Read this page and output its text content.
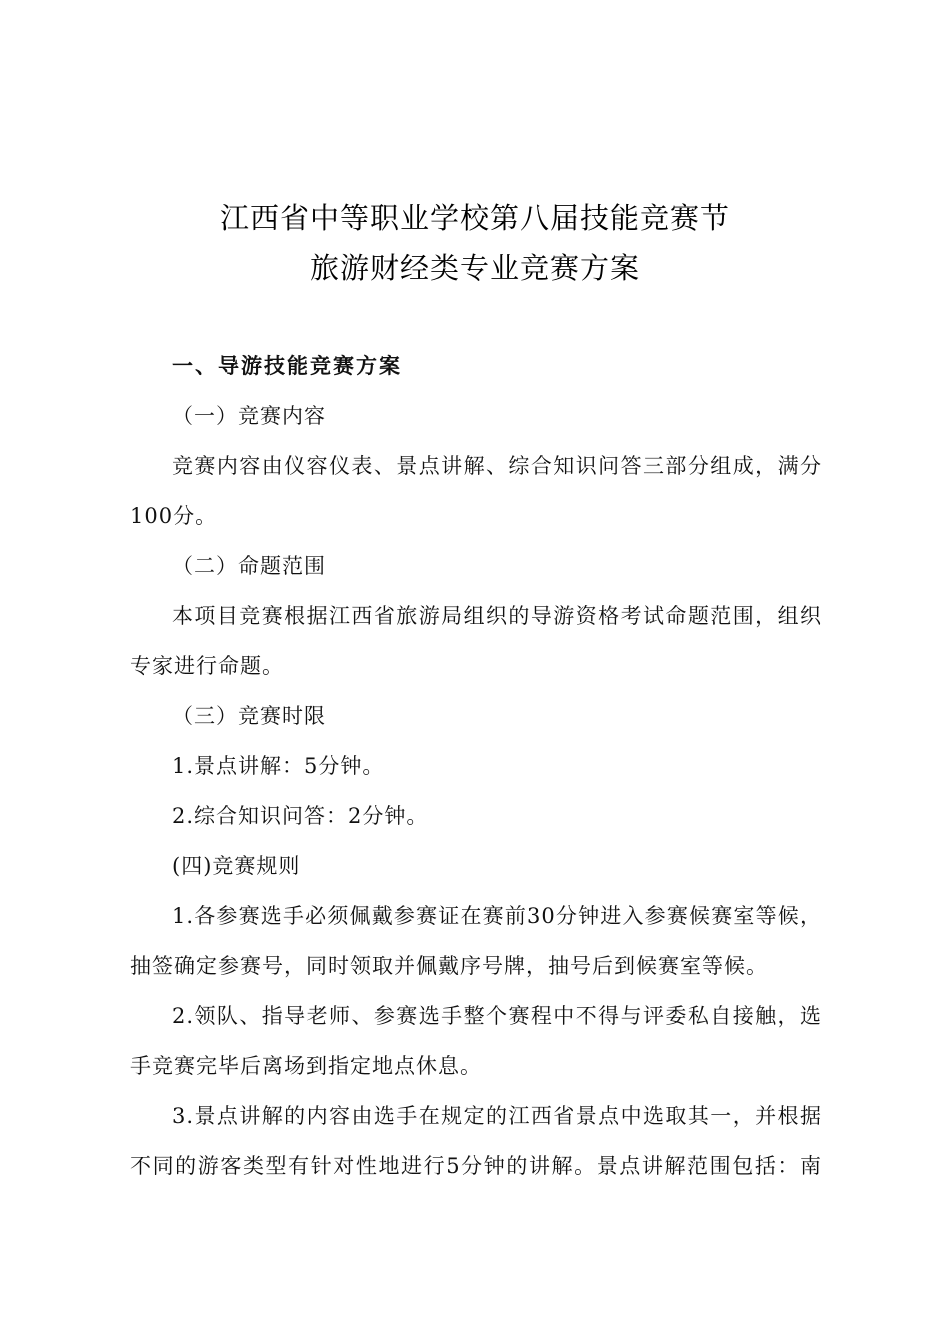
江西省中等职业学校第八届技能竞赛节
旅游财经类专业竞赛方案
一、导游技能竞赛方案
（一）竞赛内容
竞赛内容由仪容仪表、景点讲解、综合知识问答三部分组成，满分
100分。
（二）命题范围
本项目竞赛根据江西省旅游局组织的导游资格考试命题范围，组织
专家进行命题。
（三）竞赛时限
1.景点讲解：5分钟。
2.综合知识问答：2分钟。
(四)竞赛规则
1.各参赛选手必须佩戴参赛证在赛前30分钟进入参赛候赛室等候，
抽签确定参赛号，同时领取并佩戴序号牌，抽号后到候赛室等候。
2.领队、指导老师、参赛选手整个赛程中不得与评委私自接触，选
手竞赛完毕后离场到指定地点休息。
3.景点讲解的内容由选手在规定的江西省景点中选取其一，并根据
不同的游客类型有针对性地进行5分钟的讲解。景点讲解范围包括：南
